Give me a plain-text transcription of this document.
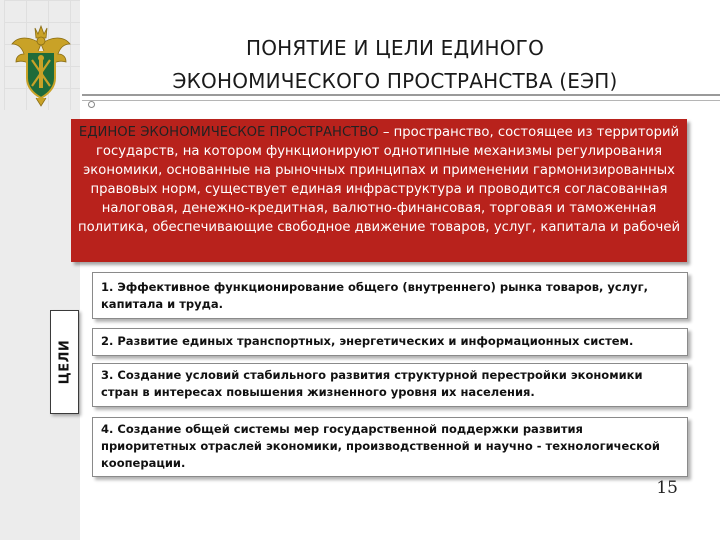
ПОНЯТИЕ И ЦЕЛИ ЕДИНОГО
ЭКОНОМИЧЕСКОГО ПРОСТРАНСТВА (ЕЭП)
ЕДИНОЕ ЭКОНОМИЧЕСКОЕ ПРОСТРАНСТВО – пространство, состоящее из территорий государств, на котором функционируют однотипные механизмы регулирования экономики, основанные на рыночных принципах и применении гармонизированных правовых норм, существует единая инфраструктура и проводится согласованная налоговая, денежно-кредитная, валютно-финансовая, торговая и таможенная политика, обеспечивающие свободное движение товаров, услуг, капитала и рабочей
ЦЕЛИ
1. Эффективное функционирование общего (внутреннего) рынка товаров, услуг, капитала и труда.
2. Развитие единых транспортных, энергетических и информационных систем.
3. Создание условий стабильного развития структурной перестройки экономики стран в интересах повышения жизненного уровня их населения.
4. Создание общей системы мер государственной поддержки развития приоритетных отраслей экономики, производственной и научно - технологической кооперации.
15
